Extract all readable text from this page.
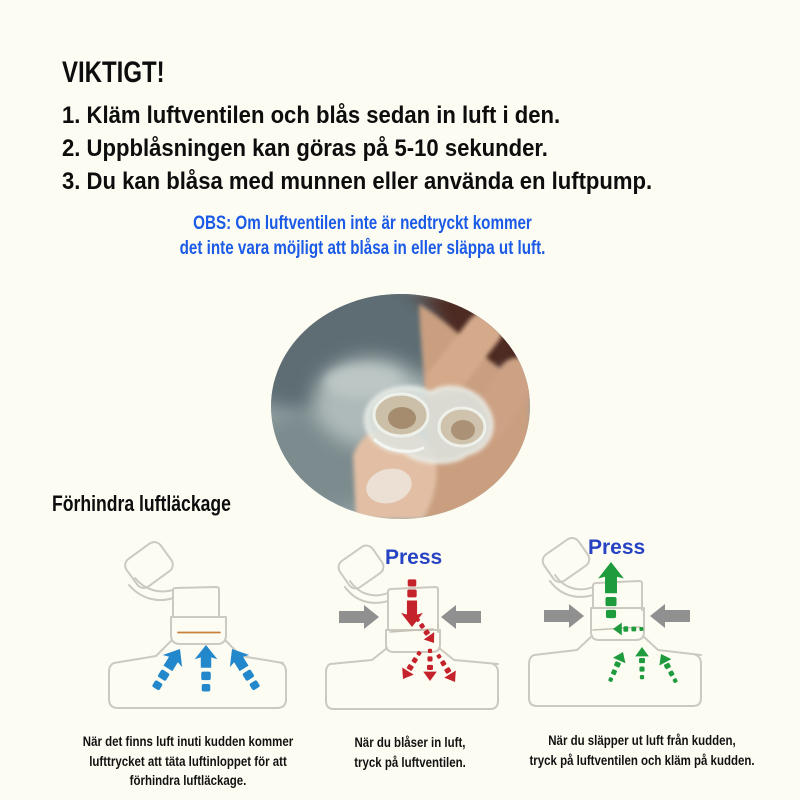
VIKTIGT!
1. Kläm luftventilen och blås sedan in luft i den.
2. Uppblåsningen kan göras på 5-10 sekunder.
3. Du kan blåsa med munnen eller använda en luftpump.
OBS: Om luftventilen inte är nedtryckt kommer
det inte vara möjligt att blåsa in eller släppa ut luft.
Förhindra luftläckage
Press	Press
När det finns luft inuti kudden kommer
lufttrycket att täta luftinloppet för att
förhindra luftläckage.
När du blåser in luft,
tryck på luftventilen.
När du släpper ut luft från kudden,
tryck på luftventilen och kläm på kudden.
